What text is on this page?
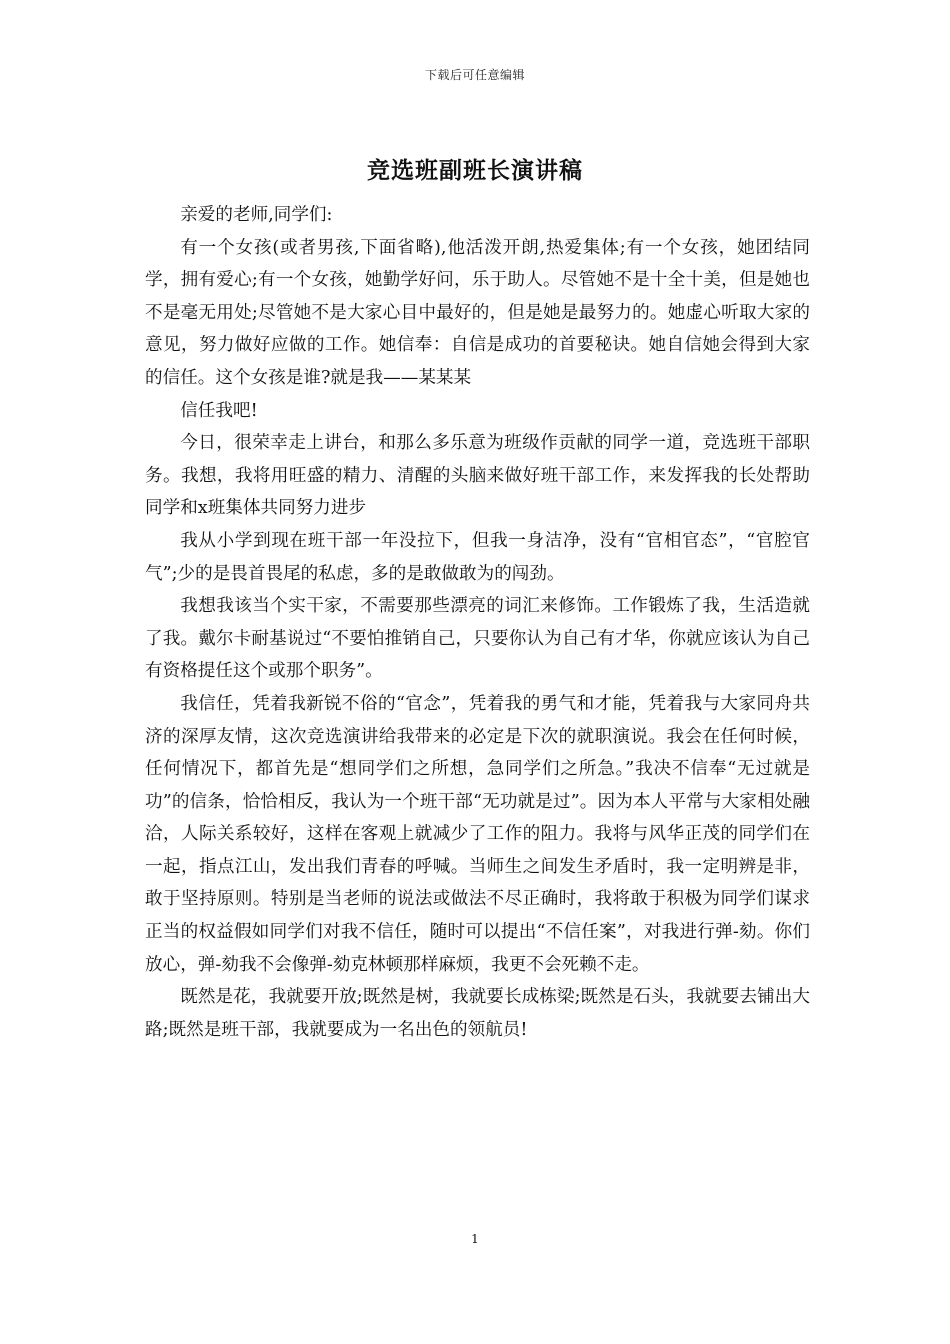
下载后可任意编辑
竞选班副班长演讲稿

亲爱的老师,同学们:

有一个女孩(或者男孩,下面省略),他活泼开朗,热爱集体;有一个女孩，她团结同学，拥有爱心;有一个女孩，她勤学好问，乐于助人。尽管她不是十全十美，但是她也不是毫无用处;尽管她不是大家心目中最好的，但是她是最努力的。她虚心听取大家的意见，努力做好应做的工作。她信奉：自信是成功的首要秘诀。她自信她会得到大家的信任。这个女孩是谁?就是我——某某某

信任我吧!

今日，很荣幸走上讲台，和那么多乐意为班级作贡献的同学一道，竞选班干部职务。我想，我将用旺盛的精力、清醒的头脑来做好班干部工作，来发挥我的长处帮助同学和x班集体共同努力进步

我从小学到现在班干部一年没拉下，但我一身洁净，没有“官相官态”，“官腔官气”;少的是畏首畏尾的私虑，多的是敢做敢为的闯劲。

我想我该当个实干家，不需要那些漂亮的词汇来修饰。工作锻炼了我，生活造就了我。戴尔卡耐基说过“不要怕推销自己，只要你认为自己有才华，你就应该认为自己有资格提任这个或那个职务”。

我信任，凭着我新锐不俗的“官念”，凭着我的勇气和才能，凭着我与大家同舟共济的深厚友情，这次竞选演讲给我带来的必定是下次的就职演说。我会在任何时候，任何情况下，都首先是“想同学们之所想，急同学们之所急。”我决不信奉“无过就是功”的信条，恰恰相反，我认为一个班干部“无功就是过”。因为本人平常与大家相处融洽，人际关系较好，这样在客观上就减少了工作的阻力。我将与风华正茂的同学们在一起，指点江山，发出我们青春的呼喊。当师生之间发生矛盾时，我一定明辨是非，敢于坚持原则。特别是当老师的说法或做法不尽正确时，我将敢于积极为同学们谋求正当的权益假如同学们对我不信任，随时可以提出“不信任案”，对我进行弹-劾。你们放心，弹-劾我不会像弹-劾克林顿那样麻烦，我更不会死赖不走。

既然是花，我就要开放;既然是树，我就要长成栋梁;既然是石头，我就要去铺出大路;既然是班干部，我就要成为一名出色的领航员!

1
